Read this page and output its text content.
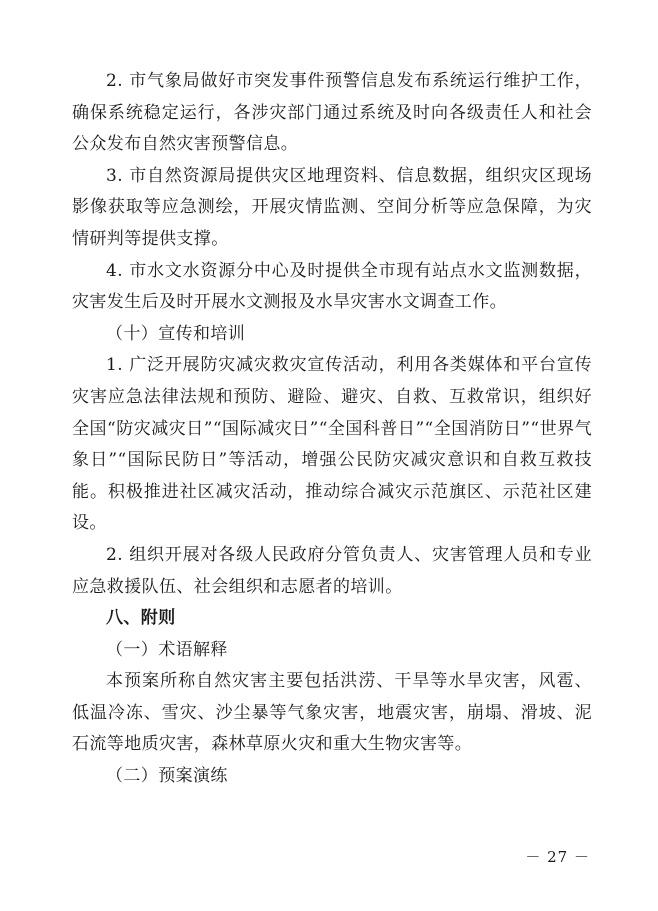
2. 市气象局做好市突发事件预警信息发布系统运行维护工作，确保系统稳定运行，各涉灾部门通过系统及时向各级责任人和社会公众发布自然灾害预警信息。

3. 市自然资源局提供灾区地理资料、信息数据，组织灾区现场影像获取等应急测绘，开展灾情监测、空间分析等应急保障，为灾情研判等提供支撑。

4. 市水文水资源分中心及时提供全市现有站点水文监测数据，灾害发生后及时开展水文测报及水旱灾害水文调查工作。

（十）宣传和培训

1. 广泛开展防灾减灾救灾宣传活动，利用各类媒体和平台宣传灾害应急法律法规和预防、避险、避灾、自救、互救常识，组织好全国“防灾减灾日”“国际减灾日”“全国科普日”“全国消防日”“世界气象日”“国际民防日”等活动，增强公民防灾减灾意识和自救互救技能。积极推进社区减灾活动，推动综合减灾示范旗区、示范社区建设。

2. 组织开展对各级人民政府分管负责人、灾害管理人员和专业应急救援队伍、社会组织和志愿者的培训。

八、附则

（一）术语解释

本预案所称自然灾害主要包括洪涝、干旱等水旱灾害，风雹、低温冷冻、雪灾、沙尘暴等气象灾害，地震灾害，崩塌、滑坡、泥石流等地质灾害，森林草原火灾和重大生物灾害等。

（二）预案演练

－ 27 －
